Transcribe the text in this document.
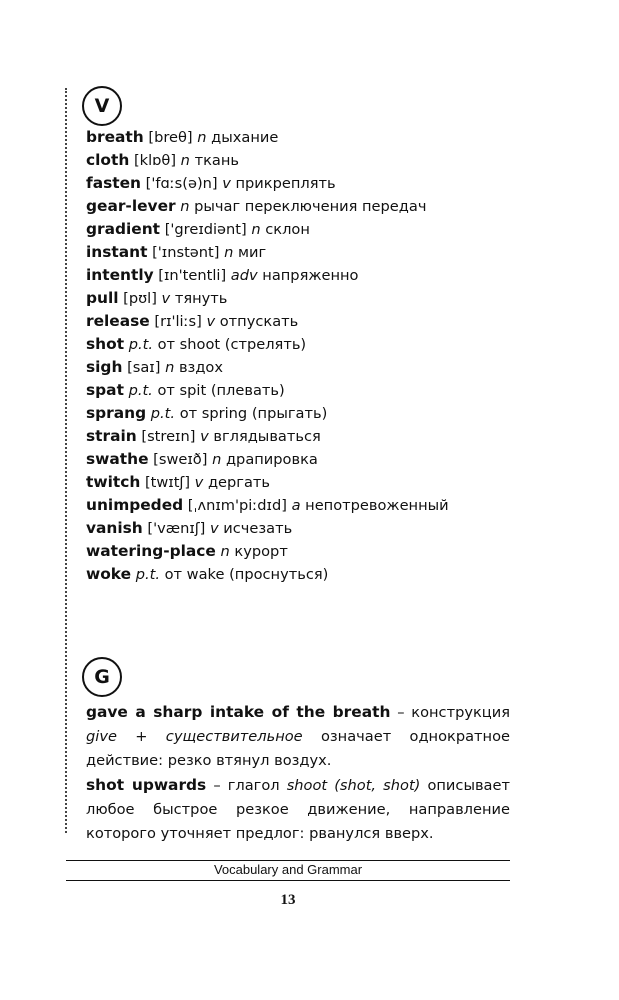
V
breath [breθ] n дыхание
cloth [klɒθ] n ткань
fasten ['fɑːs(ə)n] v прикреплять
gear-lever n рычаг переключения передач
gradient ['greɪdiənt] n склон
instant ['ɪnstənt] n миг
intently [ɪn'tentli] adv напряженно
pull [pʊl] v тянуть
release [rɪ'liːs] v отпускать
shot p.t. от shoot (стрелять)
sigh [saɪ] n вздох
spat p.t. от spit (плевать)
sprang p.t. от spring (прыгать)
strain [streɪn] v вглядываться
swathe [sweɪð] n драпировка
twitch [twɪtʃ] v дергать
unimpeded [ˌʌnɪm'piːdɪd] a непотревоженный
vanish ['vænɪʃ] v исчезать
watering-place n курорт
woke p.t. от wake (проснуться)
G

gave a sharp intake of the breath – конструкция give + существительное означает однократное действие: резко втянул воздух.

shot upwards – глагол shoot (shot, shot) описывает любое быстрое резкое движение, направление которого уточняет предлог: рванулся вверх.

Vocabulary and Grammar
13
